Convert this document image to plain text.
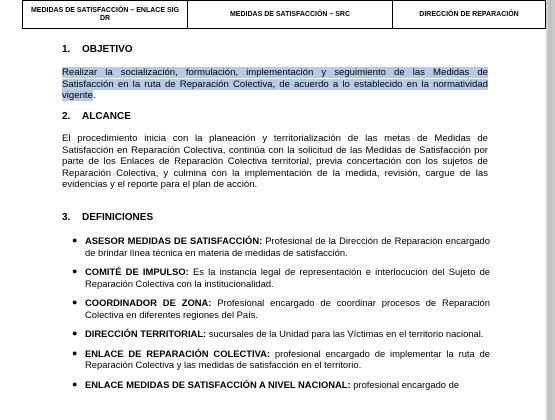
MEDIDAS DE SATISFACCIÓN – ENLACE SIG DR	MEDIDAS DE SATISFACCIÓN – SRC	DIRECCIÓN DE REPARACIÓN
1. OBJETIVO
Realizar la socialización, formulación, implementación y seguimiento de las Medidas de Satisfacción en la ruta de Reparación Colectiva, de acuerdo a lo establecido en la normatividad vigente.
2. ALCANCE
El procedimiento inicia con la planeación y territorialización de las metas de Medidas de Satisfacción en Reparación Colectiva, continúa con la solicitud de las Medidas de Satisfacción por parte de los Enlaces de Reparación Colectiva territorial, previa concertación con los sujetos de Reparación Colectiva, y culmina con la implementación de la medida, revisión, cargue de las evidencias y el reporte para el plan de acción.
3. DEFINICIONES
● ASESOR MEDIDAS DE SATISFACCIÓN: Profesional de la Dirección de Reparación encargado de brindar línea técnica en materia de medidas de satisfacción.
● COMITÉ DE IMPULSO: Es la instancia legal de representación e interlocución del Sujeto de Reparación Colectiva con la institucionalidad.
● COORDINADOR DE ZONA: Profesional encargado de coordinar procesos de Reparación Colectiva en diferentes regiones del País.
● DIRECCIÓN TERRITORIAL: sucursales de la Unidad para las Víctimas en el territorio nacional.
● ENLACE DE REPARACIÓN COLECTIVA: profesional encargado de implementar la ruta de Reparación Colectiva y las medidas de satisfacción en el territorio.
● ENLACE MEDIDAS DE SATISFACCIÓN A NIVEL NACIONAL: profesional encargado de
